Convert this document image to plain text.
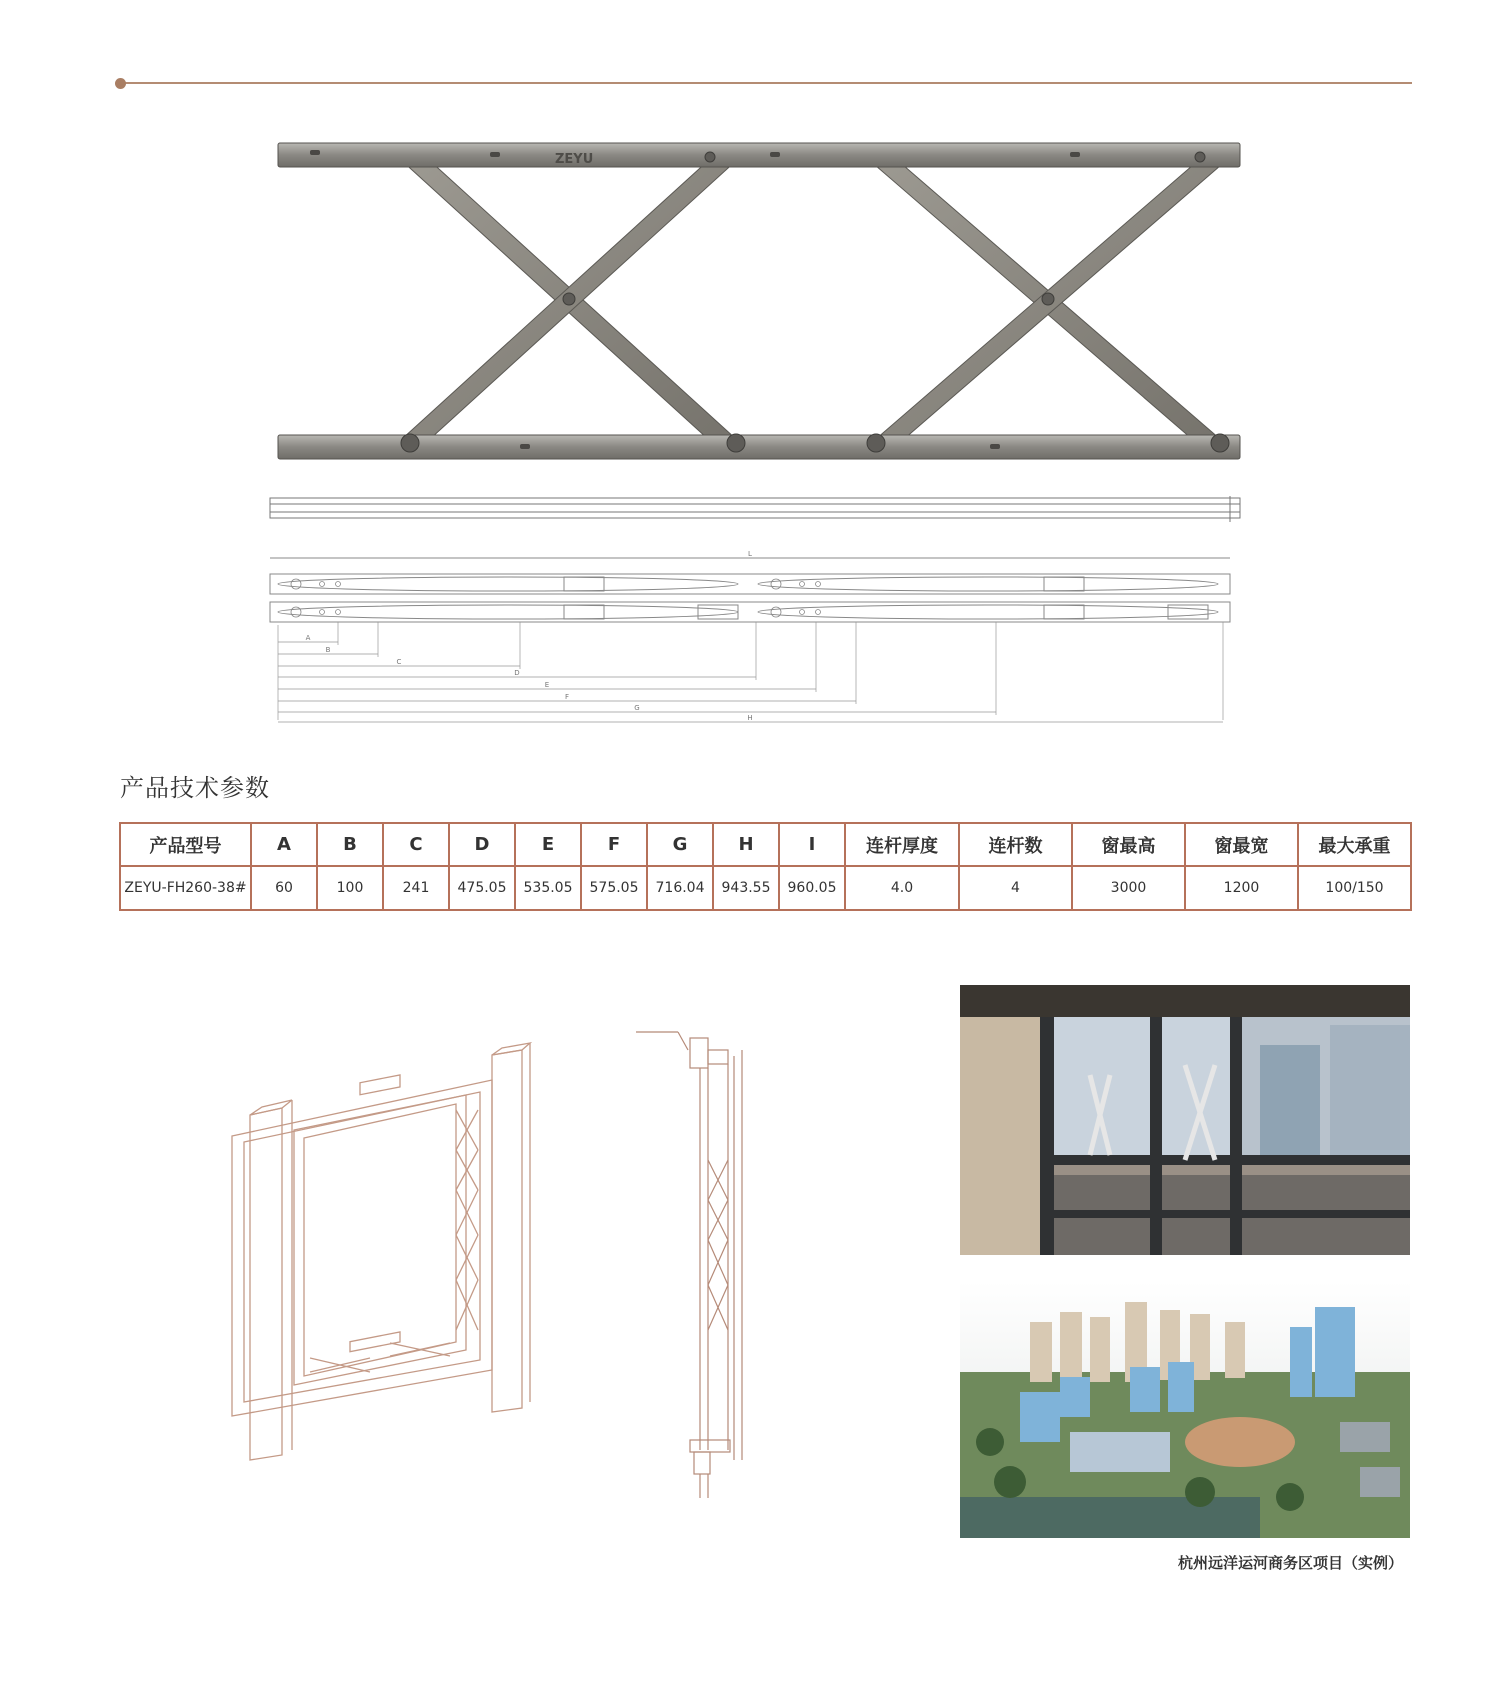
ZEYU
L
A
B
C
D
E
F
G
H
产品技术参数
产品型号	A	B	C	D	E	F	G	H	I	连杆厚度	连杆数	窗最高	窗最宽	最大承重
ZEYU-FH260-38#	60	100	241	475.05	535.05	575.05	716.04	943.55	960.05	4.0	4	3000	1200	100/150
杭州远洋运河商务区项目（实例）
